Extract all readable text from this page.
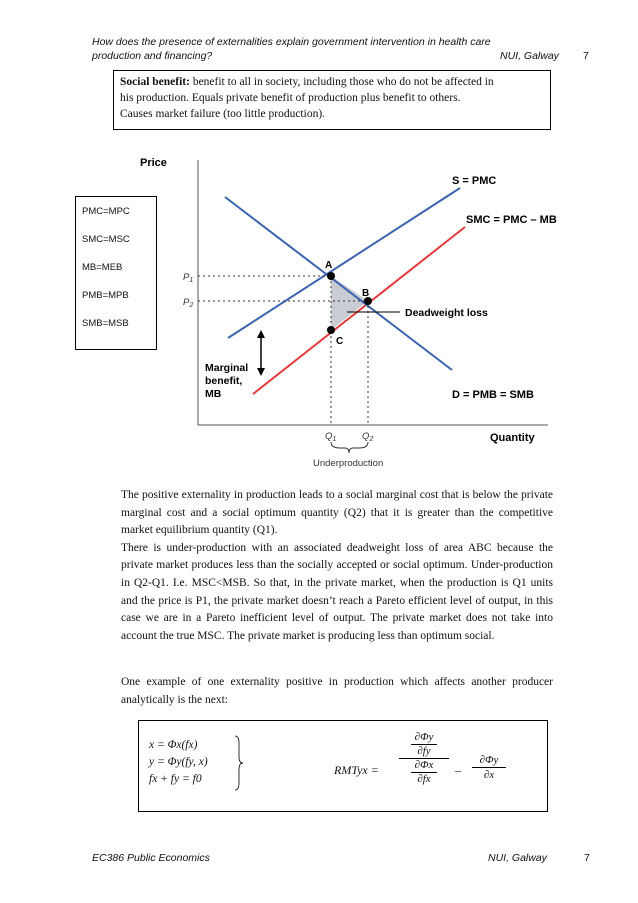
How does the presence of externalities explain government intervention in health care
production and financing?	NUI, Galway 7
Social benefit: benefit to all in society, including those who do not be affected in
his production. Equals private benefit of production plus benefit to others.
Causes market failure (too little production).
PMC=MPC
SMC=MSC
MB=MEB
PMB=MPB
SMB=MSB
Price
Quantity
S = PMC
SMC = PMC – MB
D = PMB = SMB
A
B
C
Deadweight loss
Marginal
benefit,
MB
Underproduction
$P_1$
$P_2$
$Q_1$	$Q_2$

The positive externality in production leads to a social marginal cost that is below the private marginal cost and a social optimum quantity (Q2) that it is greater than the competitive market equilibrium quantity (Q1).

There is under-production with an associated deadweight loss of area ABC because the private market produces less than the socially accepted or social optimum. Under-production in Q2-Q1. I.e. MSC<MSB. So that, in the private market, when the production is Q1 units and the price is P1, the private market doesn’t reach a Pareto efficient level of output, in this case we are in a Pareto inefficient level of output. The private market does not take into account the true MSC. The private market is producing less than optimum social.

One example of one externality positive in production which affects another producer analytically is the next:
x = Φx(fx)
y = Φy(fy, x)
fx + fy = f0
RMTyx =
∂Φy
∂fy
∂Φx
∂fx
–
∂Φy
∂x
EC386 Public Economics	NUI, Galway	7
